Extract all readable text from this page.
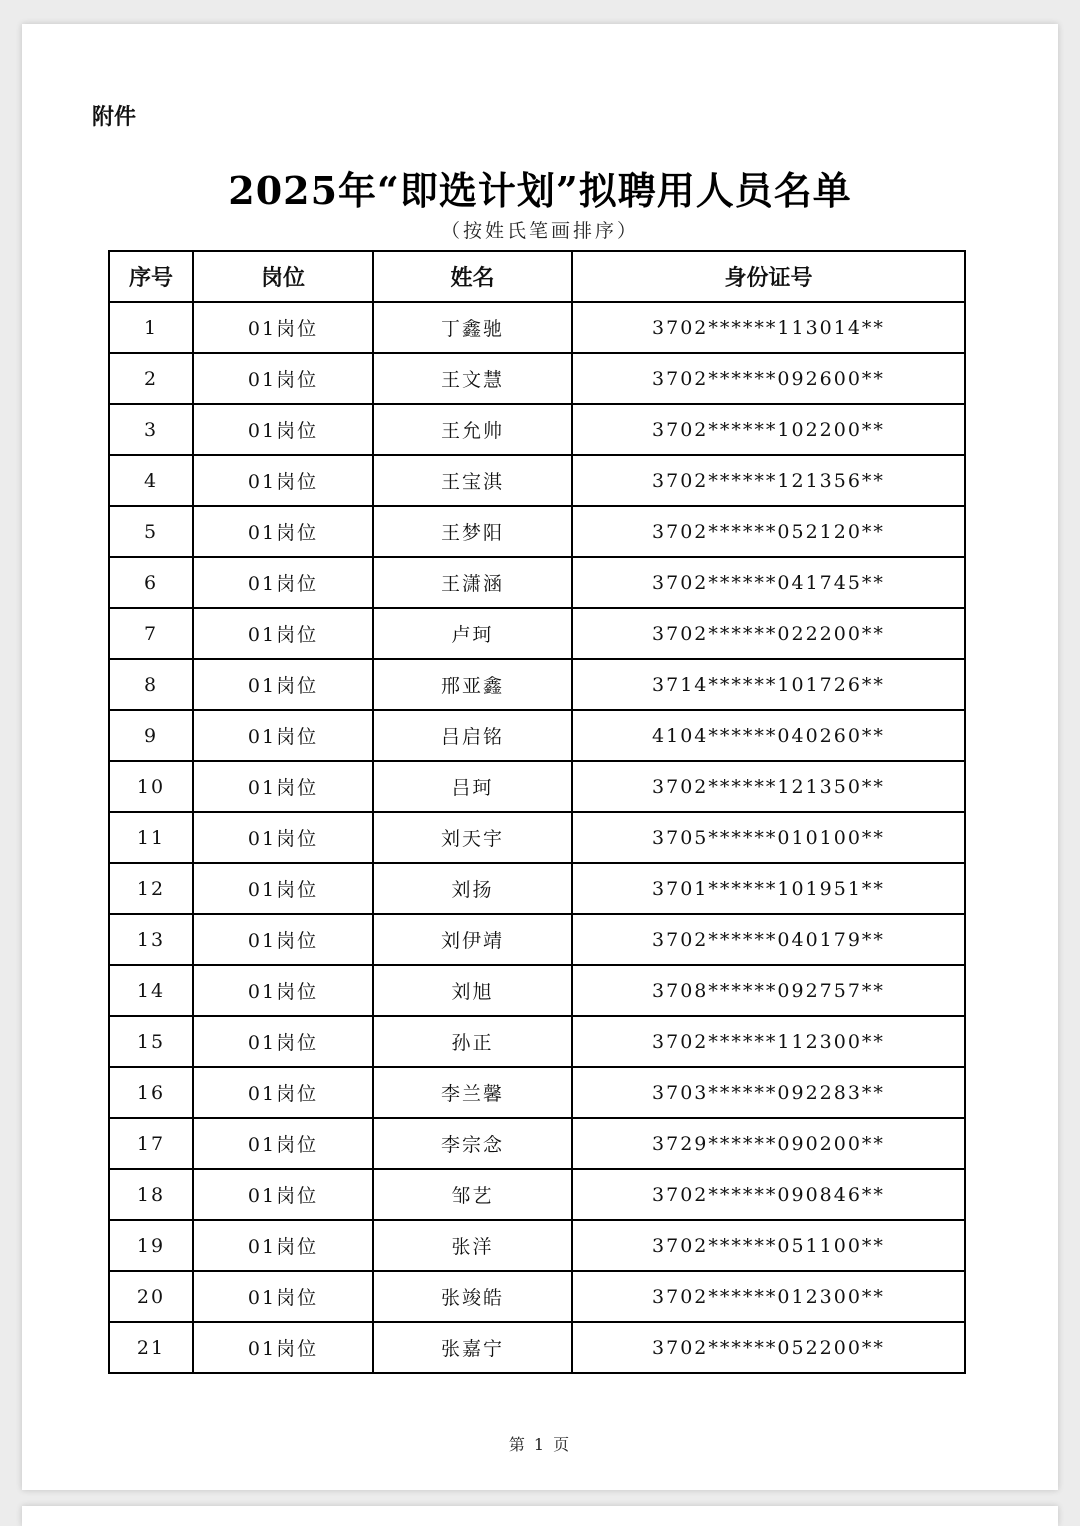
附件
2025年“即选计划”拟聘用人员名单
（按姓氏笔画排序）
序号	岗位	姓名	身份证号
1	01岗位	丁鑫驰	3702******113014**
2	01岗位	王文慧	3702******092600**
3	01岗位	王允帅	3702******102200**
4	01岗位	王宝淇	3702******121356**
5	01岗位	王梦阳	3702******052120**
6	01岗位	王潇涵	3702******041745**
7	01岗位	卢珂	3702******022200**
8	01岗位	邢亚鑫	3714******101726**
9	01岗位	吕启铭	4104******040260**
10	01岗位	吕珂	3702******121350**
11	01岗位	刘天宇	3705******010100**
12	01岗位	刘扬	3701******101951**
13	01岗位	刘伊靖	3702******040179**
14	01岗位	刘旭	3708******092757**
15	01岗位	孙正	3702******112300**
16	01岗位	李兰馨	3703******092283**
17	01岗位	李宗念	3729******090200**
18	01岗位	邹艺	3702******090846**
19	01岗位	张洋	3702******051100**
20	01岗位	张竣皓	3702******012300**
21	01岗位	张嘉宁	3702******052200**
第 1 页
